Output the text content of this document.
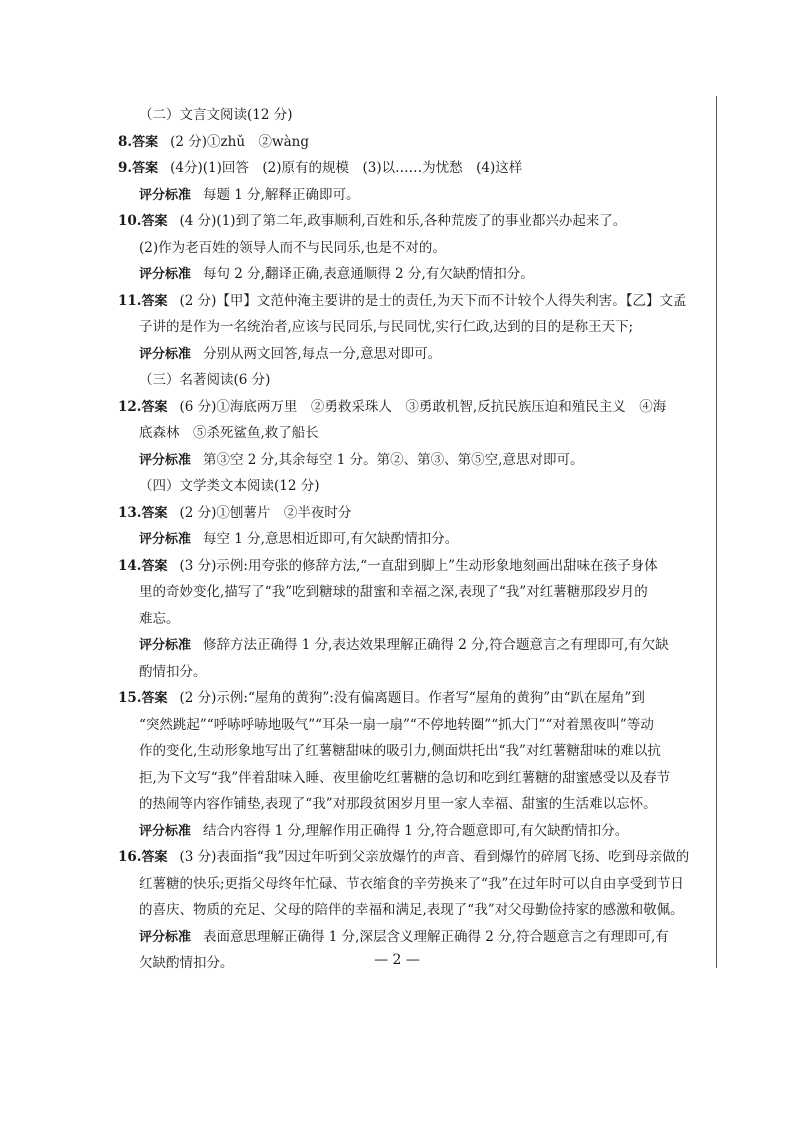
（二）文言文阅读(12 分)
8.答案 (2 分)①zhǔ　②wàng
9.答案 (4分)(1)回答　(2)原有的规模　(3)以……为忧愁　(4)这样
评分标准 每题 1 分,解释正确即可。
10.答案 (4 分)(1)到了第二年,政事顺利,百姓和乐,各种荒废了的事业都兴办起来了。
(2)作为老百姓的领导人而不与民同乐,也是不对的。
评分标准 每句 2 分,翻译正确,表意通顺得 2 分,有欠缺酌情扣分。
11.答案 (2 分)【甲】文范仲淹主要讲的是士的责任,为天下而不计较个人得失利害。【乙】文孟
子讲的是作为一名统治者,应该与民同乐,与民同忧,实行仁政,达到的目的是称王天下;
评分标准 分别从两文回答,每点一分,意思对即可。
（三）名著阅读(6 分)
12.答案 (6 分)①海底两万里　②勇救采珠人　③勇敢机智,反抗民族压迫和殖民主义　④海
底森林　⑤杀死鲨鱼,救了船长
评分标准 第③空 2 分,其余每空 1 分。第②、第③、第⑤空,意思对即可。
（四）文学类文本阅读(12 分)
13.答案 (2 分)①刨薯片　②半夜时分
评分标准 每空 1 分,意思相近即可,有欠缺酌情扣分。
14.答案 (3 分)示例:用夸张的修辞方法,“一直甜到脚上”生动形象地刻画出甜味在孩子身体
里的奇妙变化,描写了“我”吃到糖球的甜蜜和幸福之深,表现了“我”对红薯糖那段岁月的
难忘。
评分标准 修辞方法正确得 1 分,表达效果理解正确得 2 分,符合题意言之有理即可,有欠缺
酌情扣分。
15.答案 (2 分)示例:“屋角的黄狗”:没有偏离题目。作者写“屋角的黄狗”由“趴在屋角”到
“突然跳起”“呼哧呼哧地吸气”“耳朵一扇一扇”“不停地转圈”“抓大门”“对着黑夜叫”等动
作的变化,生动形象地写出了红薯糖甜味的吸引力,侧面烘托出“我”对红薯糖甜味的难以抗
拒,为下文写“我”伴着甜味入睡、夜里偷吃红薯糖的急切和吃到红薯糖的甜蜜感受以及春节
的热闹等内容作铺垫,表现了“我”对那段贫困岁月里一家人幸福、甜蜜的生活难以忘怀。
评分标准 结合内容得 1 分,理解作用正确得 1 分,符合题意即可,有欠缺酌情扣分。
16.答案 (3 分)表面指“我”因过年听到父亲放爆竹的声音、看到爆竹的碎屑飞扬、吃到母亲做的
红薯糖的快乐;更指父母终年忙碌、节衣缩食的辛劳换来了“我”在过年时可以自由享受到节日
的喜庆、物质的充足、父母的陪伴的幸福和满足,表现了“我”对父母勤俭持家的感激和敬佩。
评分标准 表面意思理解正确得 1 分,深层含义理解正确得 2 分,符合题意言之有理即可,有
欠缺酌情扣分。	— 2 —
